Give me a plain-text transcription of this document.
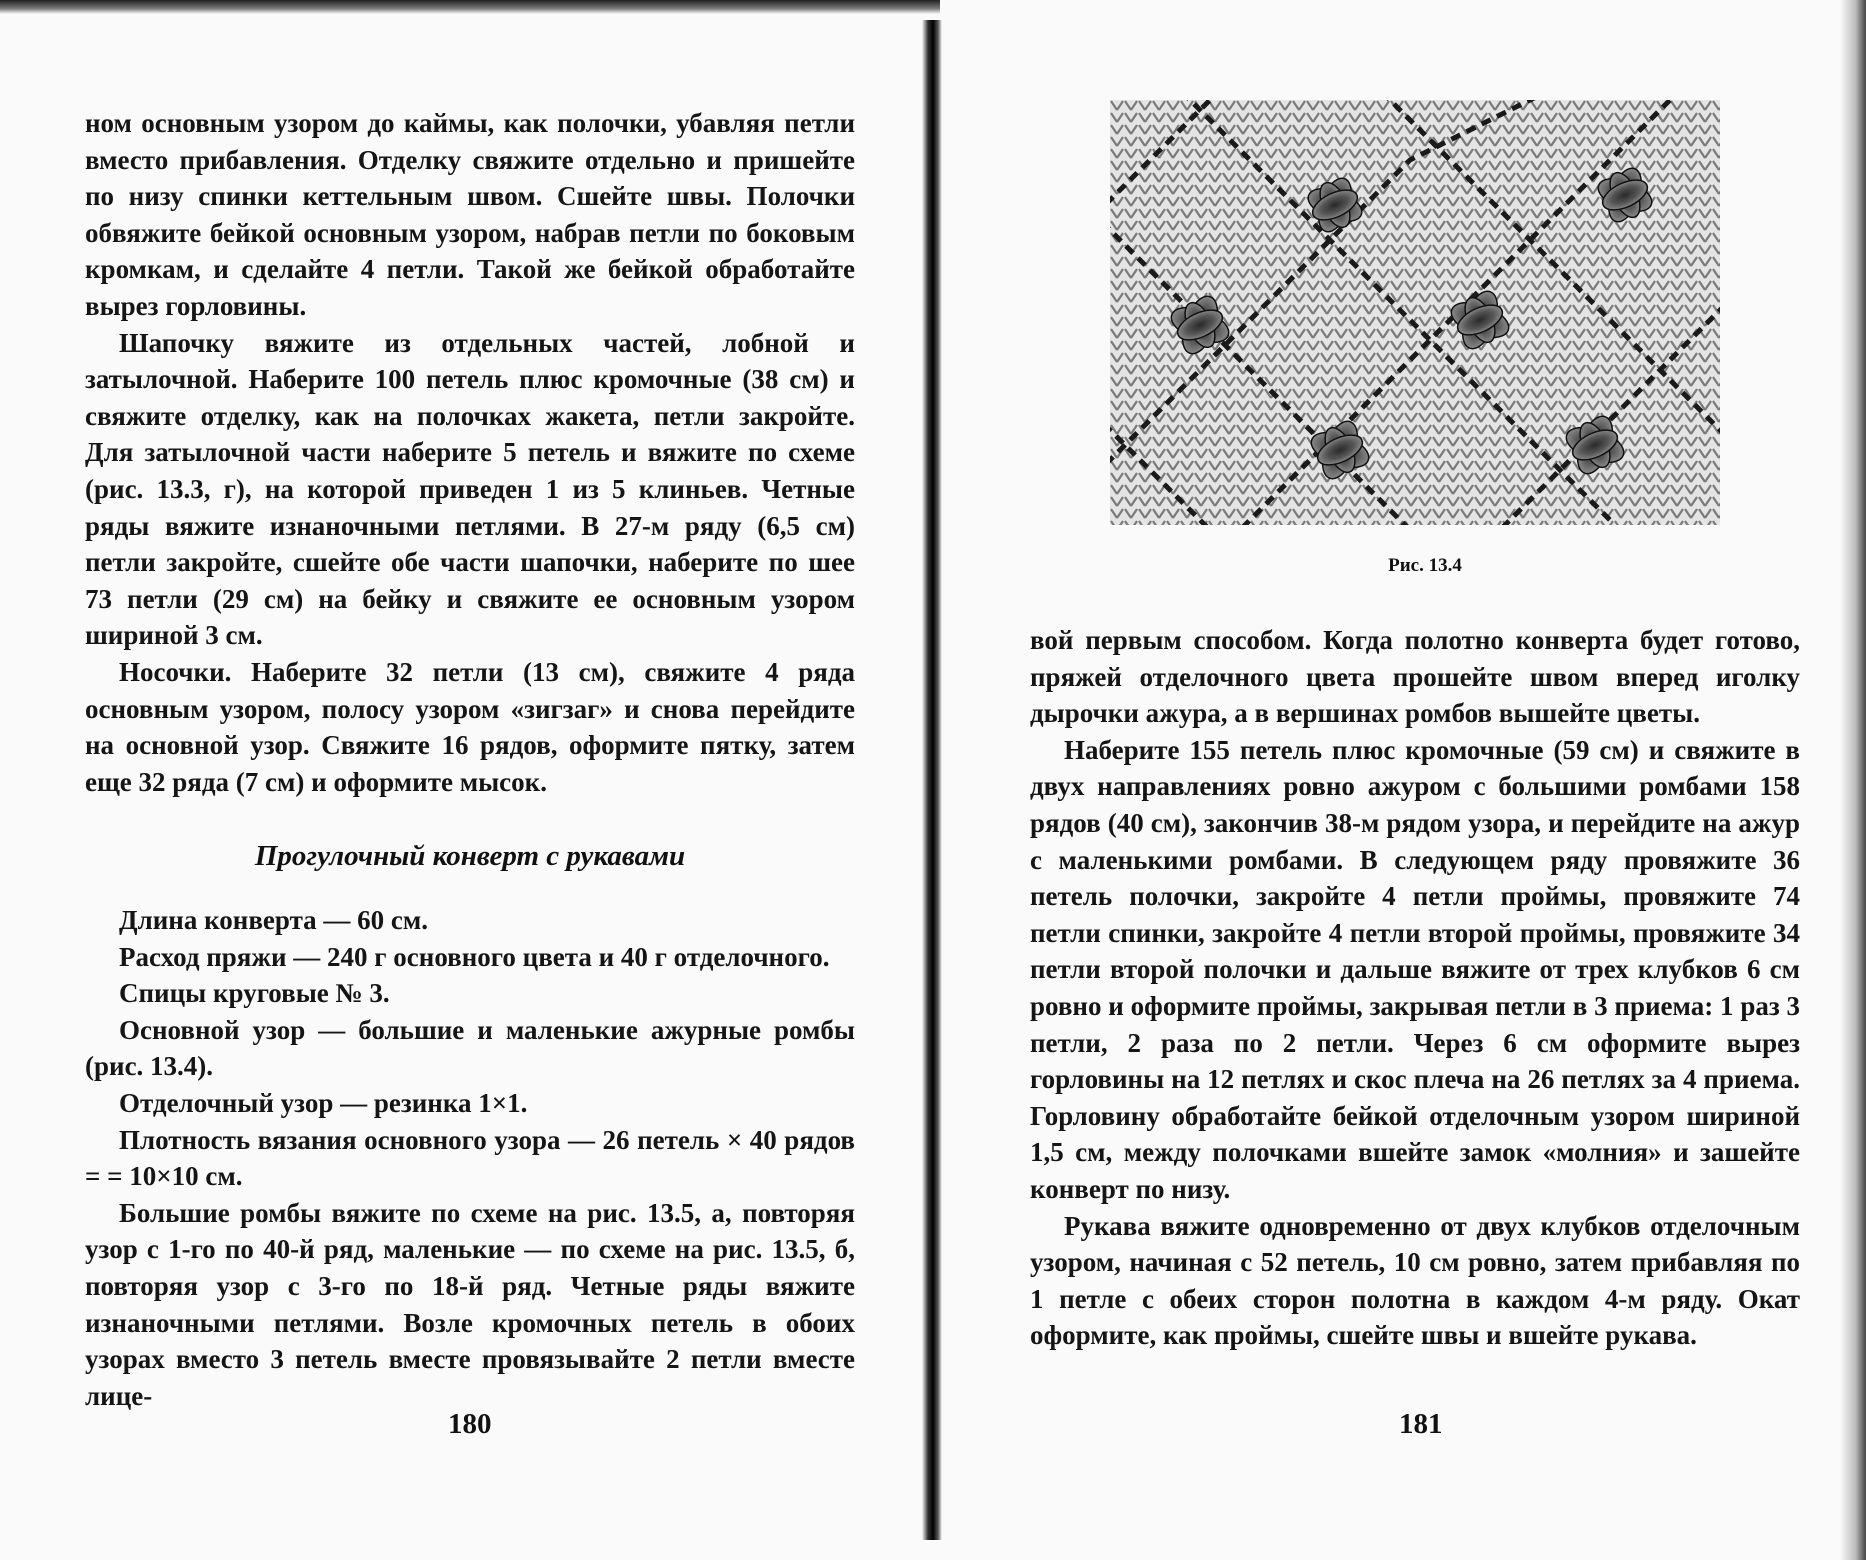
ном основным узором до каймы, как полочки, убавляя петли вместо прибавления. Отделку свяжите отдельно и пришейте по низу спинки кеттельным швом. Сшейте швы. Полочки обвяжите бейкой основным узором, набрав петли по боковым кромкам, и сделайте 4 петли. Такой же бейкой обработайте вырез горловины.

Шапочку вяжите из отдельных частей, лобной и затылочной. Наберите 100 петель плюс кромочные (38 см) и свяжите отделку, как на полочках жакета, петли закройте. Для затылочной части наберите 5 петель и вяжите по схеме (рис. 13.3, г), на которой приведен 1 из 5 клиньев. Четные ряды вяжите изнаночными петлями. В 27-м ряду (6,5 см) петли закройте, сшейте обе части шапочки, наберите по шее 73 петли (29 см) на бейку и свяжите ее основным узором шириной 3 см.

Носочки. Наберите 32 петли (13 см), свяжите 4 ряда основным узором, полосу узором «зигзаг» и снова перейдите на основной узор. Свяжите 16 рядов, оформите пятку, затем еще 32 ряда (7 см) и оформите мысок.

Прогулочный конверт с рукавами

Длина конверта — 60 см.

Расход пряжи — 240 г основного цвета и 40 г отделочного.

Спицы круговые № 3.

Основной узор — большие и маленькие ажурные ромбы (рис. 13.4).

Отделочный узор — резинка 1×1.

Плотность вязания основного узора — 26 петель × 40 рядов = = 10×10 см.

Большие ромбы вяжите по схеме на рис. 13.5, а, повторяя узор с 1-го по 40-й ряд, маленькие — по схеме на рис. 13.5, б, повторяя узор с 3-го по 18-й ряд. Четные ряды вяжите изнаночными петлями. Возле кромочных петель в обоих узорах вместо 3 петель вместе провязывайте 2 петли вместе лице-

180
Рис. 13.4

вой первым способом. Когда полотно конверта будет готово, пряжей отделочного цвета прошейте швом вперед иголку дырочки ажура, а в вершинах ромбов вышейте цветы.

Наберите 155 петель плюс кромочные (59 см) и свяжите в двух направлениях ровно ажуром с большими ромбами 158 рядов (40 см), закончив 38-м рядом узора, и перейдите на ажур с маленькими ромбами. В следующем ряду провяжите 36 петель полочки, закройте 4 петли проймы, провяжите 74 петли спинки, закройте 4 петли второй проймы, провяжите 34 петли второй полочки и дальше вяжите от трех клубков 6 см ровно и оформите проймы, закрывая петли в 3 приема: 1 раз 3 петли, 2 раза по 2 петли. Через 6 см оформите вырез горловины на 12 петлях и скос плеча на 26 петлях за 4 приема. Горловину обработайте бейкой отделочным узором шириной 1,5 см, между полочками вшейте замок «молния» и зашейте конверт по низу.

Рукава вяжите одновременно от двух клубков отделочным узором, начиная с 52 петель, 10 см ровно, затем прибавляя по 1 петле с обеих сторон полотна в каждом 4-м ряду. Окат оформите, как проймы, сшейте швы и вшейте рукава.

181
